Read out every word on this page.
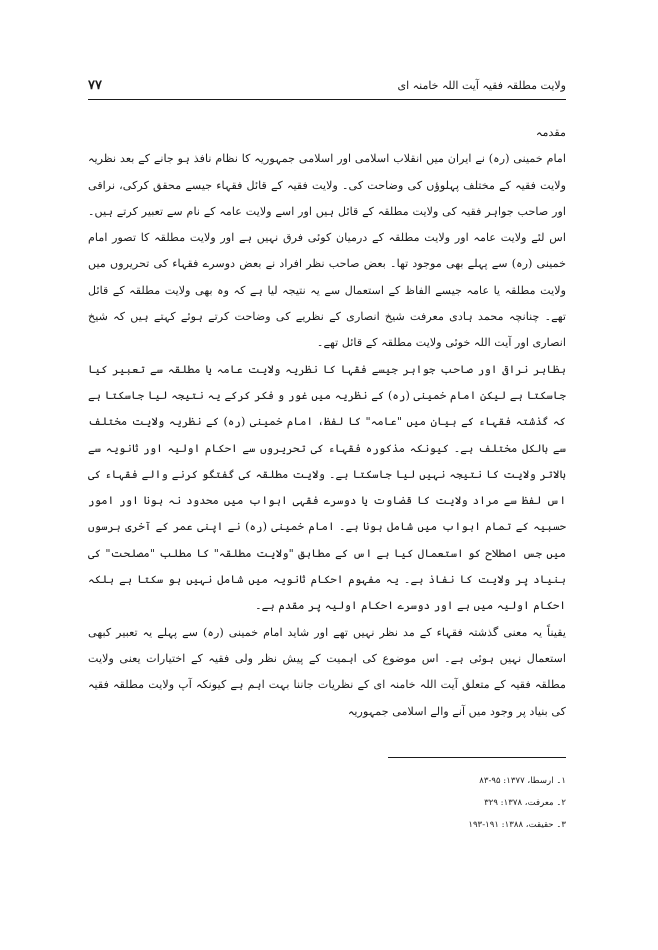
۷۷	ولایت مطلقہ فقیہ آیت اللہ خامنہ ای

مقدمہ

امام خمینی (رہ) نے ایران میں انقلاب اسلامی اور اسلامی جمہوریہ کا نظام نافذ ہو جانے کے بعد نظریہ ولایت فقیہ کے مختلف پہلوؤں کی وضاحت کی۔ ولایت فقیہ کے قائل فقہاء جیسے محقق کرکی، نراقی اور صاحب جواہر فقیہ کی ولایت مطلقہ کے قائل ہیں اور اسے ولایت عامہ کے نام سے تعبیر کرتے ہیں۔ اس لئے ولایت عامہ اور ولایت مطلقہ کے درمیان کوئی فرق نہیں ہے اور ولایت مطلقہ کا تصور امام خمینی (رہ) سے پہلے بھی موجود تھا۔ بعض صاحب نظر افراد نے بعض دوسرے فقہاء کی تحریروں میں ولایت مطلقہ یا عامہ جیسے الفاظ کے استعمال سے یہ نتیجہ لیا ہے کہ وہ بھی ولایت مطلقہ کے قائل تھے۔ چنانچہ محمد ہادی معرفت شیخ انصاری کے نظریے کی وضاحت کرتے ہوئے کہتے ہیں کہ شیخ انصاری اور آیت اللہ خوئی ولایت مطلقہ کے قائل تھے۔

بظاہر نراقی اور صاحب جواہر جیسے فقہا کا نظریہ ولایت عامہ یا مطلقہ سے تعبیر کیا جاسکتا ہے لیکن امام خمینی (رہ) کے نظریہ میں غور و فکر کرکے یہ نتیجہ لیا جاسکتا ہے کہ گذشتہ فقہاء کے بیان میں "عامہ" کا لفظ، امام خمینی (رہ) کے نظریہ ولایت مختلف سے بالکل مختلف ہے۔ کیونکہ مذکورہ فقہاء کی تحریروں سے احکام اولیہ اور ثانویہ سے بالاتر ولایت کا نتیجہ نہیں لیا جاسکتا ہے۔ ولایت مطلقہ کی گفتگو کرنے والے فقہاء کی اس لفظ سے مراد ولایت کا قضاوت یا دوسرے فقہی ابواب میں محدود نہ ہونا اور امور حسبیہ کے تمام ابواب میں شامل ہونا ہے۔ امام خمینی (رہ) نے اپنی عمر کے آخری برسوں میں جس اصطلاح کو استعمال کیا ہے اس کے مطابق "ولایت مطلقہ" کا مطلب "مصلحت" کی بنیاد پر ولایت کا نفاذ ہے۔ یہ مفہوم احکام ثانویہ میں شامل نہیں ہو سکتا ہے بلکہ احکام اولیہ میں ہے اور دوسرے احکام اولیہ پر مقدم ہے۔

یقیناً یہ معنی گذشتہ فقہاء کے مد نظر نہیں تھے اور شاید امام خمینی (رہ) سے پہلے یہ تعبیر کبھی استعمال نہیں ہوئی ہے۔ اس موضوع کی اہمیت کے پیش نظر ولی فقیہ کے اختیارات یعنی ولایت مطلقہ فقیہ کے متعلق آیت اللہ خامنہ ای کے نظریات جاننا بہت اہم ہے کیونکہ آپ ولایت مطلقہ فقیہ کی بنیاد پر وجود میں آنے والے اسلامی جمہوریہ

۱۔ ارسطا، ۱۳۷۷: ۹۵-۸۳

۲۔ معرفت، ۱۳۷۸: ۳۲۹

۳۔ حقیقت، ۱۳۸۸: ۱۹۱-۱۹۳
